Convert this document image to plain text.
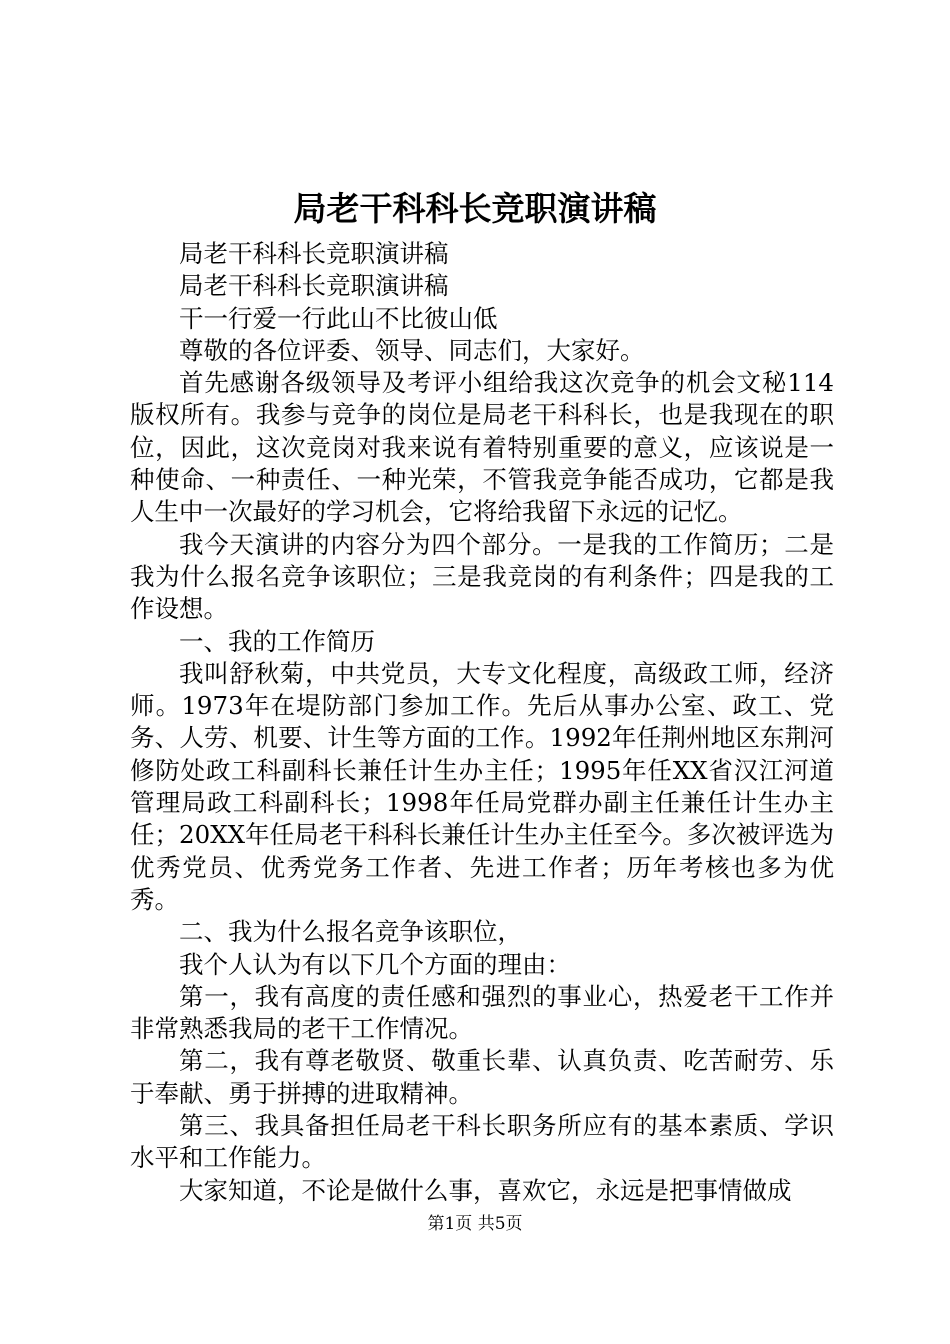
局老干科科长竞职演讲稿

局老干科科长竞职演讲稿

局老干科科长竞职演讲稿

干一行爱一行此山不比彼山低

尊敬的各位评委、领导、同志们，大家好。

首先感谢各级领导及考评小组给我这次竞争的机会文秘114版权所有。我参与竞争的岗位是局老干科科长，也是我现在的职位，因此，这次竞岗对我来说有着特别重要的意义，应该说是一种使命、一种责任、一种光荣，不管我竞争能否成功，它都是我人生中一次最好的学习机会，它将给我留下永远的记忆。

我今天演讲的内容分为四个部分。一是我的工作简历；二是我为什么报名竞争该职位；三是我竞岗的有利条件；四是我的工作设想。

一、我的工作简历

我叫舒秋菊，中共党员，大专文化程度，高级政工师，经济师。1973年在堤防部门参加工作。先后从事办公室、政工、党务、人劳、机要、计生等方面的工作。1992年任荆州地区东荆河修防处政工科副科长兼任计生办主任；1995年任XX省汉江河道管理局政工科副科长；1998年任局党群办副主任兼任计生办主任；20XX年任局老干科科长兼任计生办主任至今。多次被评选为优秀党员、优秀党务工作者、先进工作者；历年考核也多为优秀。

二、我为什么报名竞争该职位，

我个人认为有以下几个方面的理由：

第一，我有高度的责任感和强烈的事业心，热爱老干工作并非常熟悉我局的老干工作情况。

第二，我有尊老敬贤、敬重长辈、认真负责、吃苦耐劳、乐于奉献、勇于拼搏的进取精神。

第三、我具备担任局老干科长职务所应有的基本素质、学识水平和工作能力。

大家知道，不论是做什么事，喜欢它，永远是把事情做成

第1页 共5页
